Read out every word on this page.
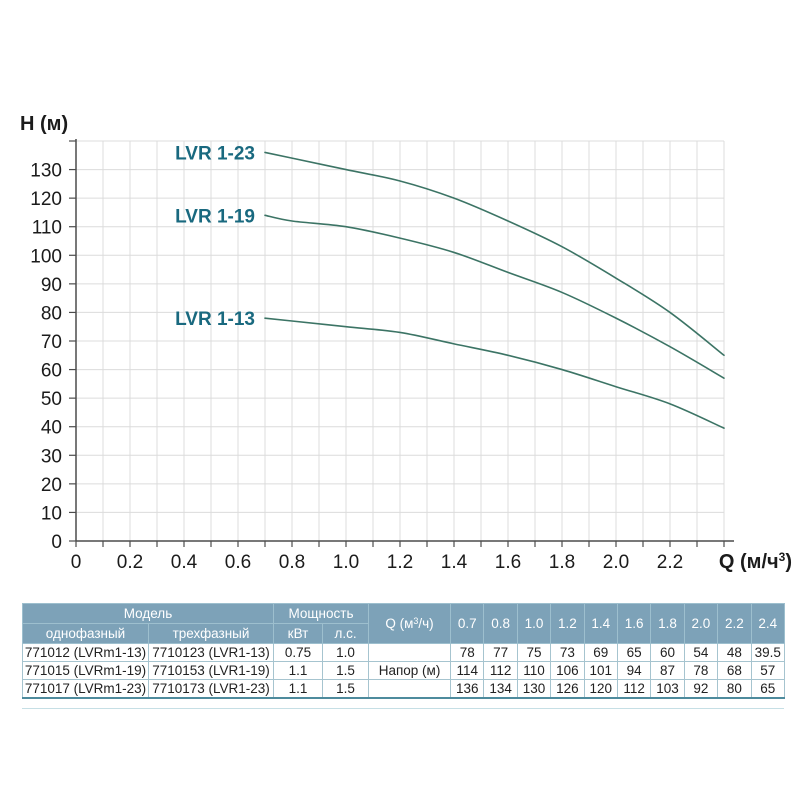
0
10
20
30
40
50
60
70
80
90
100
110
120
130
0 0.2 0.4 0.6 0.8 1.0 1.2 1.4 1.6 1.8 2.0 2.2
LVR 1-23
LVR 1-19
LVR 1-13
H (м)
Q $(м/ч^3)$
Модель		Мощность		Q $(м^3/ч)$	0.7	0.8	1.0	1.2	1.4	1.6	1.8	2.0	2.2	2.4
однофазный	трехфазный	кВт	л.с.											
771012 (LVRm1-13)	7710123 (LVR1-13)	0.75	1.0		78	77	75	73	69	65	60	54	48	39.5
771015 (LVRm1-19)	7710153 (LVR1-19)	1.1	1.5	Напор (м)	114	112	110	106	101	94	87	78	68	57
771017 (LVRm1-23)	7710173 (LVR1-23)	1.1	1.5		136	134	130	126	120	112	103	92	80	65
